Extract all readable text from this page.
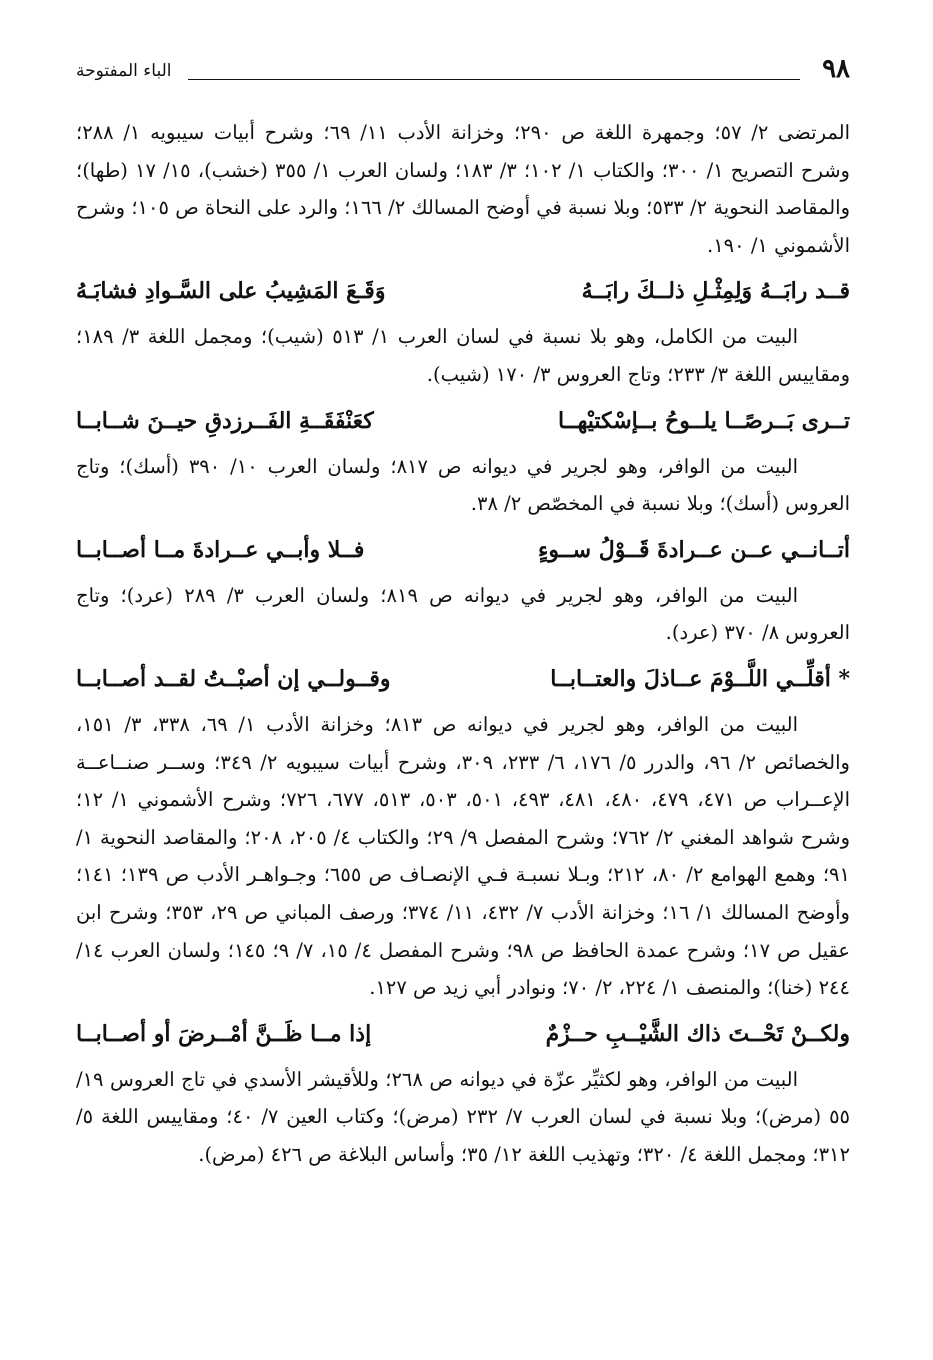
٩٨
الباء المفتوحة

المرتضى ٢/ ٥٧؛ وجمهرة اللغة ص ٢٩٠؛ وخزانة الأدب ١١/ ٦٩؛ وشرح أبيات سيبويه ١/ ٢٨٨؛ وشرح التصريح ١/ ٣٠٠؛ والكتاب ١/ ١٠٢؛ ٣/ ١٨٣؛ ولسان العرب ١/ ٣٥٥ (خشب)، ١٥/ ١٧ (طها)؛ والمقاصد النحوية ٢/ ٥٣٣؛ وبلا نسبة في أوضح المسالك ٢/ ١٦٦؛ والرد على النحاة ص ١٠٥؛ وشرح الأشموني ١/ ١٩٠.

قــد رابَــهُ وَلِمِثْـلِ ذلــكَ رابَــهُ
وَقَـعَ المَشِيبُ على السَّـوادِ فشابَـهُ

البيت من الكامل، وهو بلا نسبة في لسان العرب ١/ ٥١٣ (شيب)؛ ومجمل اللغة ٣/ ١٨٩؛ ومقاييس اللغة ٣/ ٢٣٣؛ وتاج العروس ٣/ ١٧٠ (شيب).

تــرى بَــرصًــا يلــوحُ بــإسْكتيْهــا
كعَنْفَقَــةِ الفَــرزدقِ حيــنَ شــابــا

البيت من الوافر، وهو لجرير في ديوانه ص ٨١٧؛ ولسان العرب ١٠/ ٣٩٠ (أسك)؛ وتاج العروس (أسك)؛ وبلا نسبة في المخصّص ٢/ ٣٨.

أتــانــي عــن عــرادةَ قَــوْلُ ســوءٍ
فــلا وأبــي عــرادةَ مــا أصــابــا

البيت من الوافر، وهو لجرير في ديوانه ص ٨١٩؛ ولسان العرب ٣/ ٢٨٩ (عرد)؛ وتاج العروس ٨/ ٣٧٠ (عرد).

* أقلِّــي اللَّــوْمَ عــاذلَ والعتــابــا
وقــولــي إن أصبْــتُ لقــد أصــابــا

البيت من الوافر، وهو لجرير في ديوانه ص ٨١٣؛ وخزانة الأدب ١/ ٦٩، ٣٣٨، ٣/ ١٥١، والخصائص ٢/ ٩٦، والدرر ٥/ ١٧٦، ٦/ ٢٣٣، ٣٠٩، وشرح أبيات سيبويه ٢/ ٣٤٩؛ وســر صنــاعــة الإعــراب ص ٤٧١، ٤٧٩، ٤٨٠، ٤٨١، ٤٩٣، ٥٠١، ٥٠٣، ٥١٣، ٦٧٧، ٧٢٦؛ وشرح الأشموني ١/ ١٢؛ وشرح شواهد المغني ٢/ ٧٦٢؛ وشرح المفصل ٩/ ٢٩؛ والكتاب ٤/ ٢٠٥، ٢٠٨؛ والمقاصد النحوية ١/ ٩١؛ وهمع الهوامع ٢/ ٨٠، ٢١٢؛ وبـلا نسبـة فـي الإنصـاف ص ٦٥٥؛ وجـواهـر الأدب ص ١٣٩؛ ١٤١؛ وأوضح المسالك ١/ ١٦؛ وخزانة الأدب ٧/ ٤٣٢، ١١/ ٣٧٤؛ ورصف المباني ص ٢٩، ٣٥٣؛ وشرح ابن عقيل ص ١٧؛ وشرح عمدة الحافظ ص ٩٨؛ وشرح المفصل ٤/ ١٥، ٧/ ٩؛ ١٤٥؛ ولسان العرب ١٤/ ٢٤٤ (خنا)؛ والمنصف ١/ ٢٢٤، ٢/ ٧٠؛ ونوادر أبي زيد ص ١٢٧.

ولكــنْ تَحْــتَ ذاك الشَّيْــبِ حــزْمٌ
إذا مــا ظَــنَّ أمْــرضَ أو أصــابــا

البيت من الوافر، وهو لكثيِّر عزّة في ديوانه ص ٢٦٨؛ وللأقيشر الأسدي في تاج العروس ١٩/ ٥٥ (مرض)؛ وبلا نسبة في لسان العرب ٧/ ٢٣٢ (مرض)؛ وكتاب العين ٧/ ٤٠؛ ومقاييس اللغة ٥/ ٣١٢؛ ومجمل اللغة ٤/ ٣٢٠؛ وتهذيب اللغة ١٢/ ٣٥؛ وأساس البلاغة ص ٤٢٦ (مرض).
